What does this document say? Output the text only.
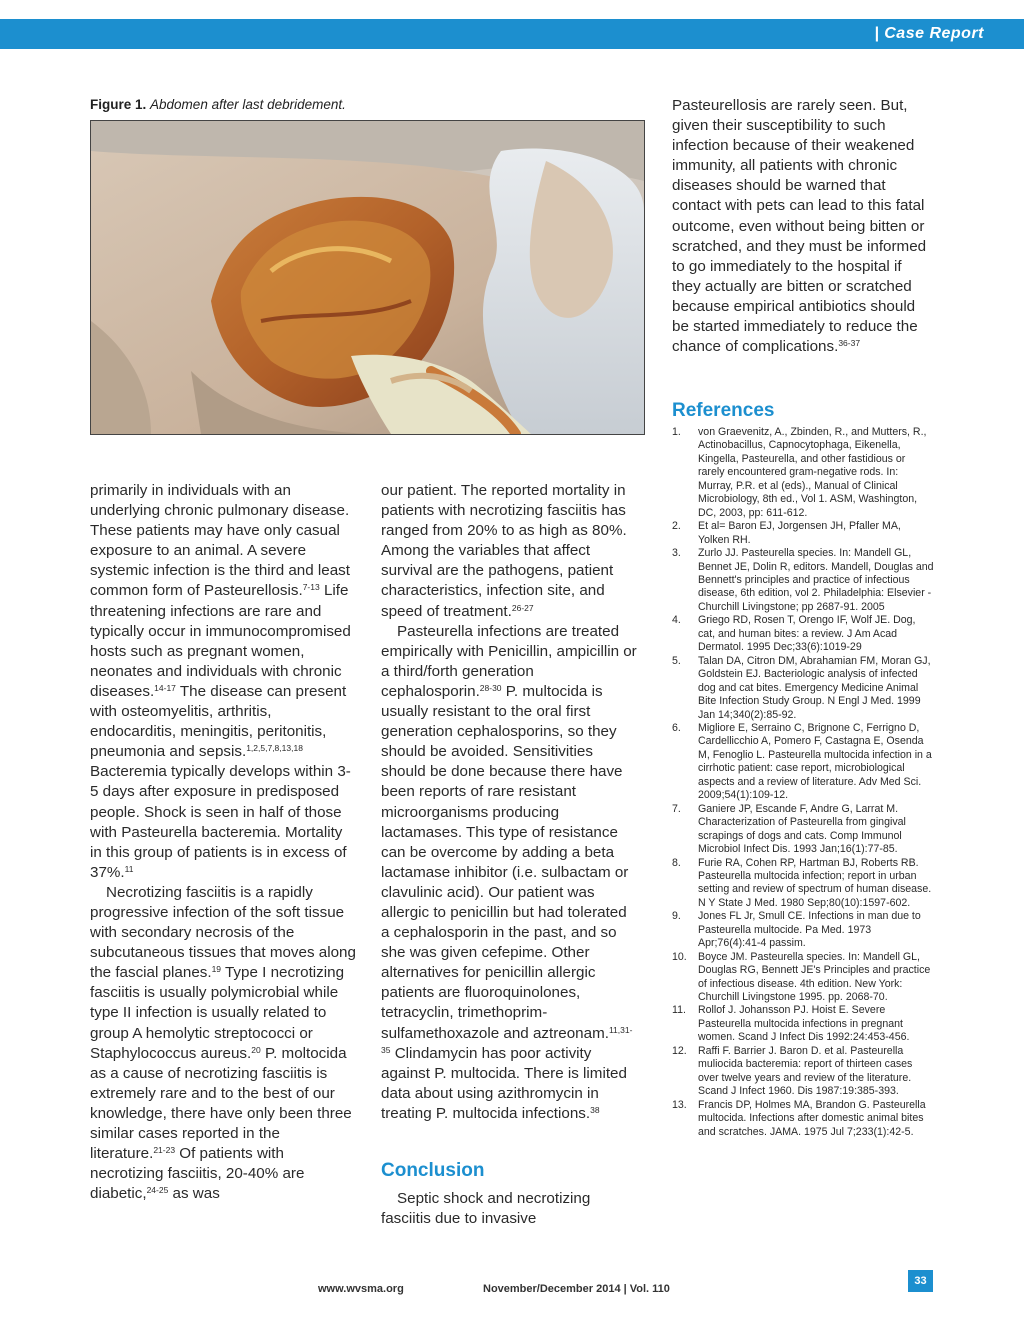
| Case Report
Figure 1. Abdomen after last debridement.

primarily in individuals with an underlying chronic pulmonary disease. These patients may have only casual exposure to an animal. A severe systemic infection is the third and least common form of Pasteurellosis.$^{7-13}$ Life threatening infections are rare and typically occur in immunocompromised hosts such as pregnant women, neonates and individuals with chronic diseases.$^{14-17}$ The disease can present with osteomyelitis, arthritis, endocarditis, meningitis, peritonitis, pneumonia and sepsis.$^{1,2,5,7,8,13,18}$ Bacteremia typically develops within 3-5 days after exposure in predisposed people. Shock is seen in half of those with Pasteurella bacteremia. Mortality in this group of patients is in excess of 37%.$^{11}$

Necrotizing fasciitis is a rapidly progressive infection of the soft tissue with secondary necrosis of the subcutaneous tissues that moves along the fascial planes.$^{19}$ Type I necrotizing fasciitis is usually polymicrobial while type II infection is usually related to group A hemolytic streptococci or Staphylococcus aureus.$^{20}$ P. moltocida as a cause of necrotizing fasciitis is extremely rare and to the best of our knowledge, there have only been three similar cases reported in the literature.$^{21-23}$ Of patients with necrotizing fasciitis, 20-40% are diabetic,$^{24-25}$ as was

our patient. The reported mortality in patients with necrotizing fasciitis has ranged from 20% to as high as 80%. Among the variables that affect survival are the pathogens, patient characteristics, infection site, and speed of treatment.$^{26-27}$

Pasteurella infections are treated empirically with Penicillin, ampicillin or a third/forth generation cephalosporin.$^{28-30}$ P. multocida is usually resistant to the oral first generation cephalosporins, so they should be avoided. Sensitivities should be done because there have been reports of rare resistant microorganisms producing lactamases. This type of resistance can be overcome by adding a beta lactamase inhibitor (i.e. sulbactam or clavulinic acid). Our patient was allergic to penicillin but had tolerated a cephalosporin in the past, and so she was given cefepime. Other alternatives for penicillin allergic patients are fluoroquinolones, tetracyclin, trimethoprim-sulfamethoxazole and aztreonam.$^{11,31-35}$ Clindamycin has poor activity against P. multocida. There is limited data about using azithromycin in treating P. multocida infections.$^{38}$

Conclusion

Septic shock and necrotizing fasciitis due to invasive

Pasteurellosis are rarely seen. But, given their susceptibility to such infection because of their weakened immunity, all patients with chronic diseases should be warned that contact with pets can lead to this fatal outcome, even without being bitten or scratched, and they must be informed to go immediately to the hospital if they actually are bitten or scratched because empirical antibiotics should be started immediately to reduce the chance of complications.$^{36-37}$

References
1. von Graevenitz, A., Zbinden, R., and Mutters, R., Actinobacillus, Capnocytophaga, Eikenella, Kingella, Pasteurella, and other fastidious or rarely encountered gram-negative rods. In: Murray, P.R. et al (eds)., Manual of Clinical Microbiology, 8th ed., Vol 1. ASM, Washington, DC, 2003, pp: 611-612.
2. Et al= Baron EJ, Jorgensen JH, Pfaller MA, Yolken RH.
3. Zurlo JJ. Pasteurella species. In: Mandell GL, Bennet JE, Dolin R, editors. Mandell, Douglas and Bennett's principles and practice of infectious disease, 6th edition, vol 2. Philadelphia: Elsevier - Churchill Livingstone; pp 2687-91. 2005
4. Griego RD, Rosen T, Orengo IF, Wolf JE. Dog, cat, and human bites: a review. J Am Acad Dermatol. 1995 Dec;33(6):1019-29
5. Talan DA, Citron DM, Abrahamian FM, Moran GJ, Goldstein EJ. Bacteriologic analysis of infected dog and cat bites. Emergency Medicine Animal Bite Infection Study Group. N Engl J Med. 1999 Jan 14;340(2):85-92.
6. Migliore E, Serraino C, Brignone C, Ferrigno D, Cardellicchio A, Pomero F, Castagna E, Osenda M, Fenoglio L. Pasteurella multocida infection in a cirrhotic patient: case report, microbiological aspects and a review of literature. Adv Med Sci. 2009;54(1):109-12.
7. Ganiere JP, Escande F, Andre G, Larrat M. Characterization of Pasteurella from gingival scrapings of dogs and cats. Comp Immunol Microbiol Infect Dis. 1993 Jan;16(1):77-85.
8. Furie RA, Cohen RP, Hartman BJ, Roberts RB. Pasteurella multocida infection; report in urban setting and review of spectrum of human disease. N Y State J Med. 1980 Sep;80(10):1597-602.
9. Jones FL Jr, Smull CE. Infections in man due to Pasteurella multocide. Pa Med. 1973 Apr;76(4):41-4 passim.
10. Boyce JM. Pasteurella species. In: Mandell GL, Douglas RG, Bennett JE's Principles and practice of infectious disease. 4th edition. New York: Churchill Livingstone 1995. pp. 2068-70.
11. Rollof J. Johansson PJ. Hoist E. Severe Pasteurella multocida infections in pregnant women. Scand J Infect Dis 1992:24:453-456.
12. Raffi F. Barrier J. Baron D. et al. Pasteurella muliocida bacteremia: report of thirteen cases over twelve years and review of the literature. Scand J Infect 1960. Dis 1987:19:385-393.
13. Francis DP, Holmes MA, Brandon G. Pasteurella multocida. Infections after domestic animal bites and scratches. JAMA. 1975 Jul 7;233(1):42-5.
www.wvsma.org	November/December 2014 | Vol. 110
33
